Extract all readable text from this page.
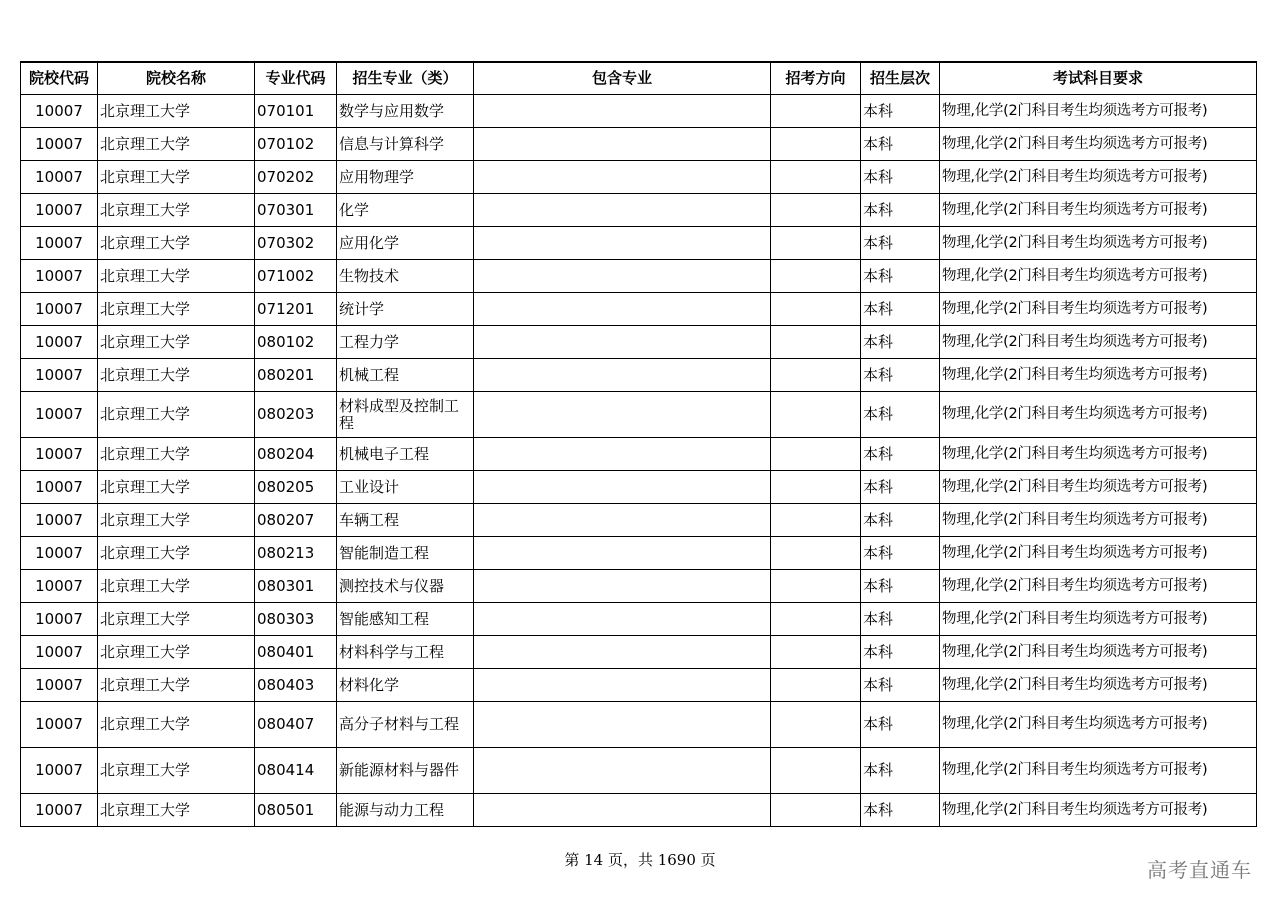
院校代码	院校名称	专业代码	招生专业（类）	包含专业	招考方向	招生层次	考试科目要求
10007	北京理工大学	070101	数学与应用数学			本科	物理,化学(2门科目考生均须选考方可报考)
10007	北京理工大学	070102	信息与计算科学			本科	物理,化学(2门科目考生均须选考方可报考)
10007	北京理工大学	070202	应用物理学			本科	物理,化学(2门科目考生均须选考方可报考)
10007	北京理工大学	070301	化学			本科	物理,化学(2门科目考生均须选考方可报考)
10007	北京理工大学	070302	应用化学			本科	物理,化学(2门科目考生均须选考方可报考)
10007	北京理工大学	071002	生物技术			本科	物理,化学(2门科目考生均须选考方可报考)
10007	北京理工大学	071201	统计学			本科	物理,化学(2门科目考生均须选考方可报考)
10007	北京理工大学	080102	工程力学			本科	物理,化学(2门科目考生均须选考方可报考)
10007	北京理工大学	080201	机械工程			本科	物理,化学(2门科目考生均须选考方可报考)
10007	北京理工大学	080203	材料成型及控制工程			本科	物理,化学(2门科目考生均须选考方可报考)
10007	北京理工大学	080204	机械电子工程			本科	物理,化学(2门科目考生均须选考方可报考)
10007	北京理工大学	080205	工业设计			本科	物理,化学(2门科目考生均须选考方可报考)
10007	北京理工大学	080207	车辆工程			本科	物理,化学(2门科目考生均须选考方可报考)
10007	北京理工大学	080213	智能制造工程			本科	物理,化学(2门科目考生均须选考方可报考)
10007	北京理工大学	080301	测控技术与仪器			本科	物理,化学(2门科目考生均须选考方可报考)
10007	北京理工大学	080303	智能感知工程			本科	物理,化学(2门科目考生均须选考方可报考)
10007	北京理工大学	080401	材料科学与工程			本科	物理,化学(2门科目考生均须选考方可报考)
10007	北京理工大学	080403	材料化学			本科	物理,化学(2门科目考生均须选考方可报考)
10007	北京理工大学	080407	高分子材料与工程			本科	物理,化学(2门科目考生均须选考方可报考)
10007	北京理工大学	080414	新能源材料与器件			本科	物理,化学(2门科目考生均须选考方可报考)
10007	北京理工大学	080501	能源与动力工程			本科	物理,化学(2门科目考生均须选考方可报考)
第 14 页，共 1690 页	高考直通车
